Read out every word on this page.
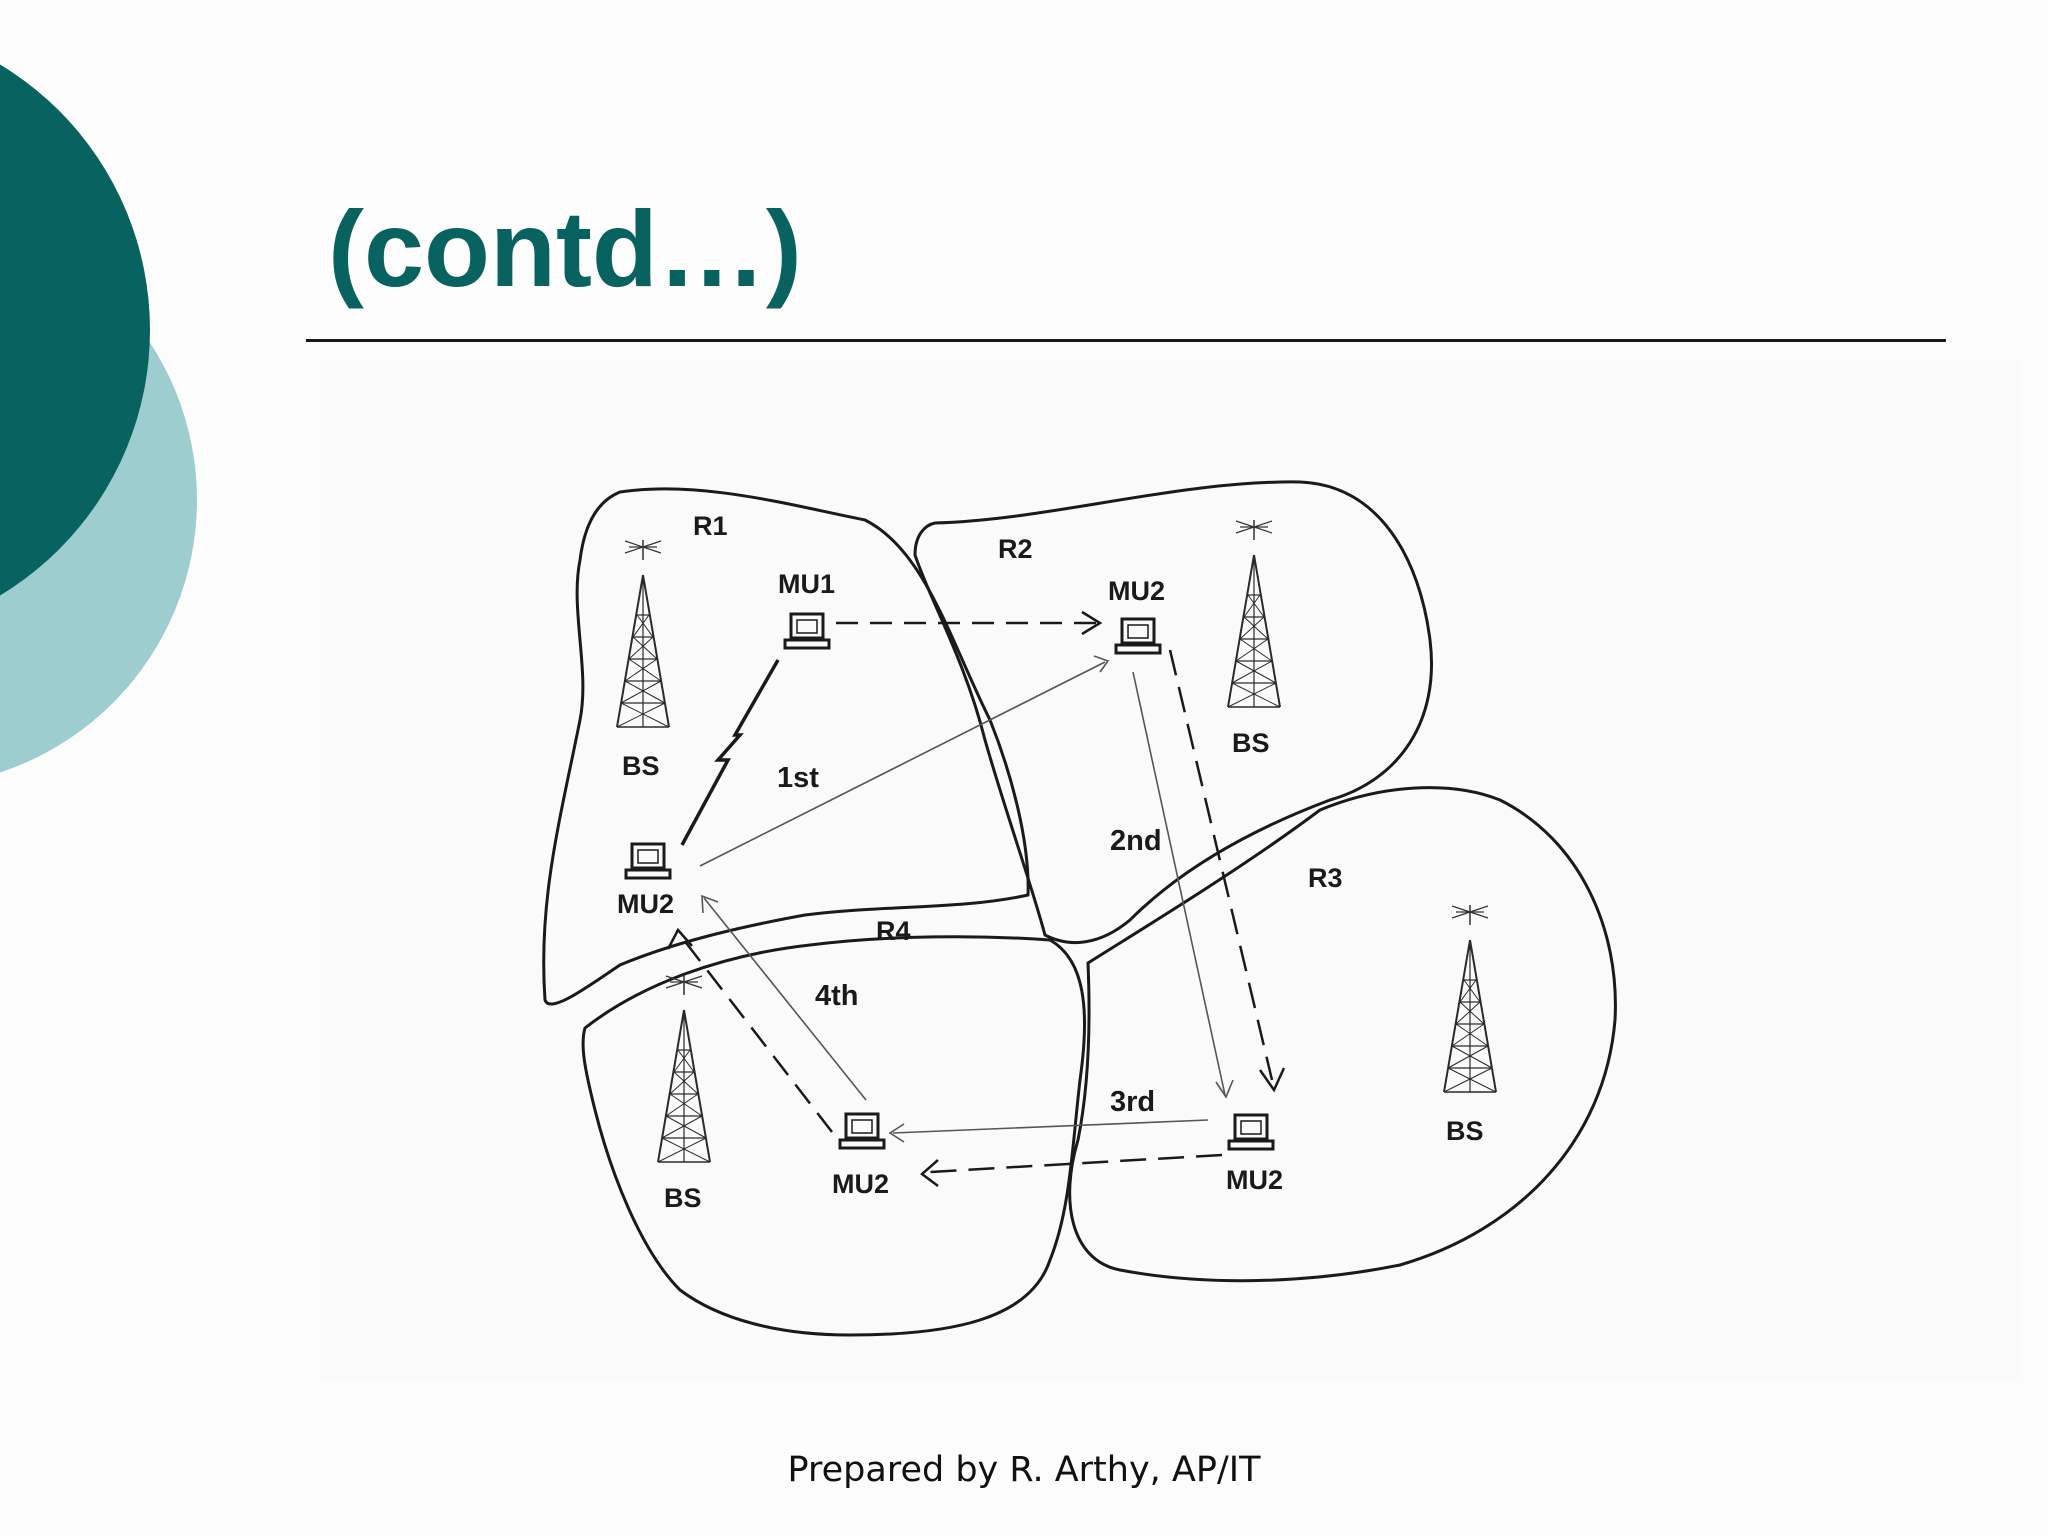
(contd…)
R1
R2
R3
R4
BS
BS
BS
BS
MU1	MU2
MU2
MU2
MU2
1st
2nd
3rd
4th
Prepared by R. Arthy, AP/IT
